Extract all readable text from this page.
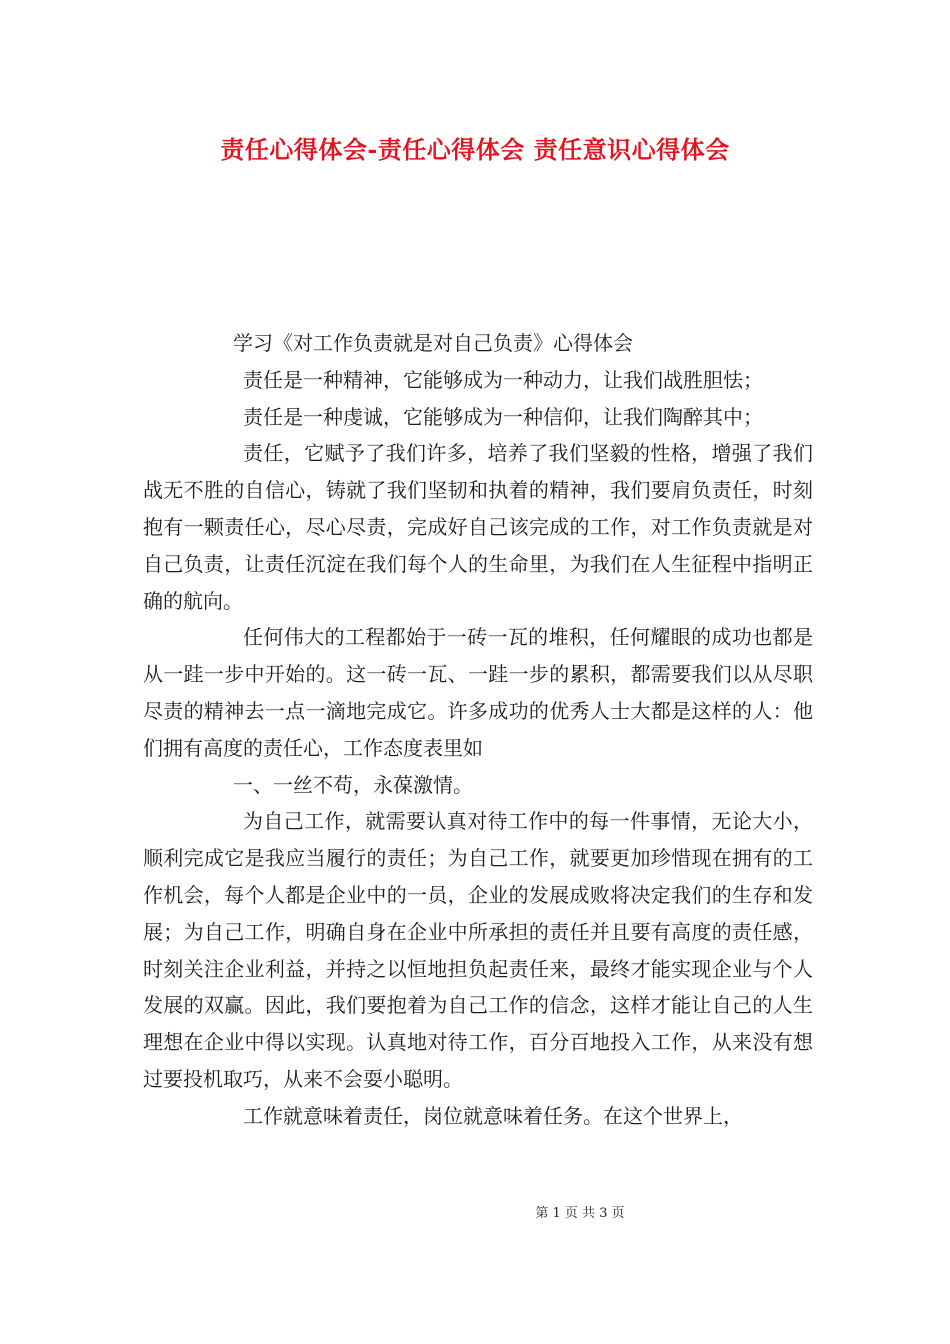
责任心得体会-责任心得体会 责任意识心得体会

学习《对工作负责就是对自己负责》心得体会

责任是一种精神，它能够成为一种动力，让我们战胜胆怯；

责任是一种虔诚，它能够成为一种信仰，让我们陶醉其中；

责任，它赋予了我们许多，培养了我们坚毅的性格，增强了我们战无不胜的自信心，铸就了我们坚韧和执着的精神，我们要肩负责任，时刻抱有一颗责任心，尽心尽责，完成好自己该完成的工作，对工作负责就是对自己负责，让责任沉淀在我们每个人的生命里，为我们在人生征程中指明正确的航向。

任何伟大的工程都始于一砖一瓦的堆积，任何耀眼的成功也都是从一跬一步中开始的。这一砖一瓦、一跬一步的累积，都需要我们以从尽职尽责的精神去一点一滴地完成它。许多成功的优秀人士大都是这样的人：他们拥有高度的责任心，工作态度表里如

一、一丝不苟，永葆激情。

为自己工作，就需要认真对待工作中的每一件事情，无论大小，顺利完成它是我应当履行的责任；为自己工作，就要更加珍惜现在拥有的工作机会，每个人都是企业中的一员，企业的发展成败将决定我们的生存和发展；为自己工作，明确自身在企业中所承担的责任并且要有高度的责任感，时刻关注企业利益，并持之以恒地担负起责任来，最终才能实现企业与个人发展的双赢。因此，我们要抱着为自己工作的信念，这样才能让自己的人生理想在企业中得以实现。认真地对待工作，百分百地投入工作，从来没有想过要投机取巧，从来不会耍小聪明。

工作就意味着责任，岗位就意味着任务。在这个世界上，

第 1 页 共 3 页
